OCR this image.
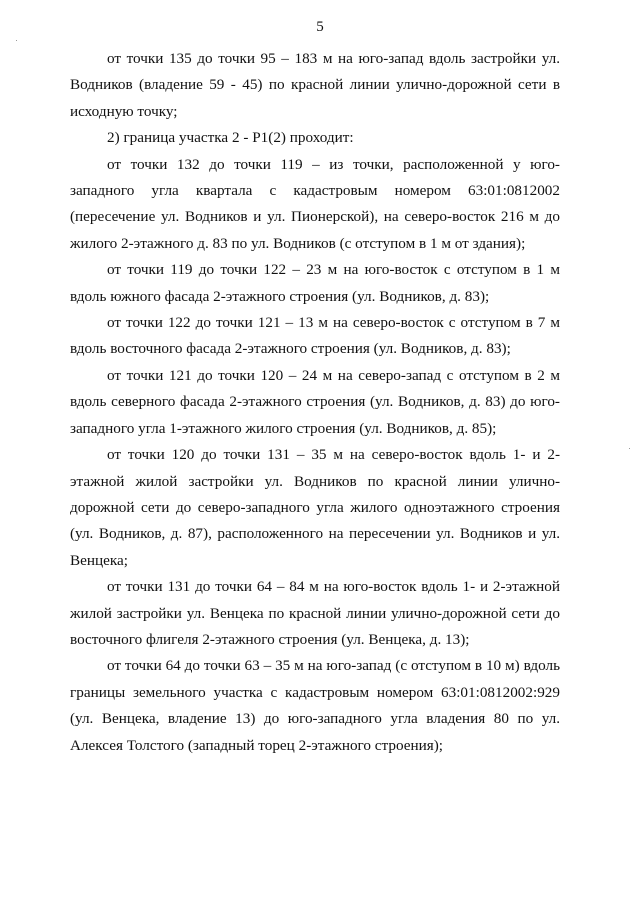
5

от точки 135 до точки 95 – 183 м на юго-запад вдоль застройки ул. Водников (владение 59 - 45) по красной линии улично-дорожной сети в исходную точку;

2) граница участка 2 - Р1(2) проходит:

от точки 132 до точки 119 – из точки, расположенной у юго-западного угла квартала с кадастровым номером 63:01:0812002 (пересечение ул. Водников и ул. Пионерской), на северо-восток 216 м до жилого 2-этажного д. 83 по ул. Водников (с отступом в 1 м от здания);

от точки 119 до точки 122 – 23 м на юго-восток с отступом в 1 м вдоль южного фасада 2-этажного строения (ул. Водников, д. 83);

от точки 122 до точки 121 – 13 м на северо-восток с отступом в 7 м вдоль восточного фасада 2-этажного строения (ул. Водников, д. 83);

от точки 121 до точки 120 – 24 м на северо-запад с отступом в 2 м вдоль северного фасада 2-этажного строения (ул. Водников, д. 83) до юго-западного угла 1-этажного жилого строения (ул. Водников, д. 85);

от точки 120 до точки 131 – 35 м на северо-восток вдоль 1- и 2-этажной жилой застройки ул. Водников по красной линии улично-дорожной сети до северо-западного угла жилого одноэтажного строения (ул. Водников, д. 87), расположенного на пересечении ул. Водников и ул. Венцека;

от точки 131 до точки 64 – 84 м на юго-восток вдоль 1- и 2-этажной жилой застройки ул. Венцека по красной линии улично-дорожной сети до восточного флигеля 2-этажного строения (ул. Венцека, д. 13);

от точки 64 до точки 63 – 35 м на юго-запад (с отступом в 10 м) вдоль границы земельного участка с кадастровым номером 63:01:0812002:929 (ул. Венцека, владение 13) до юго-западного угла владения 80 по ул. Алексея Толстого (западный торец 2-этажного строения);
